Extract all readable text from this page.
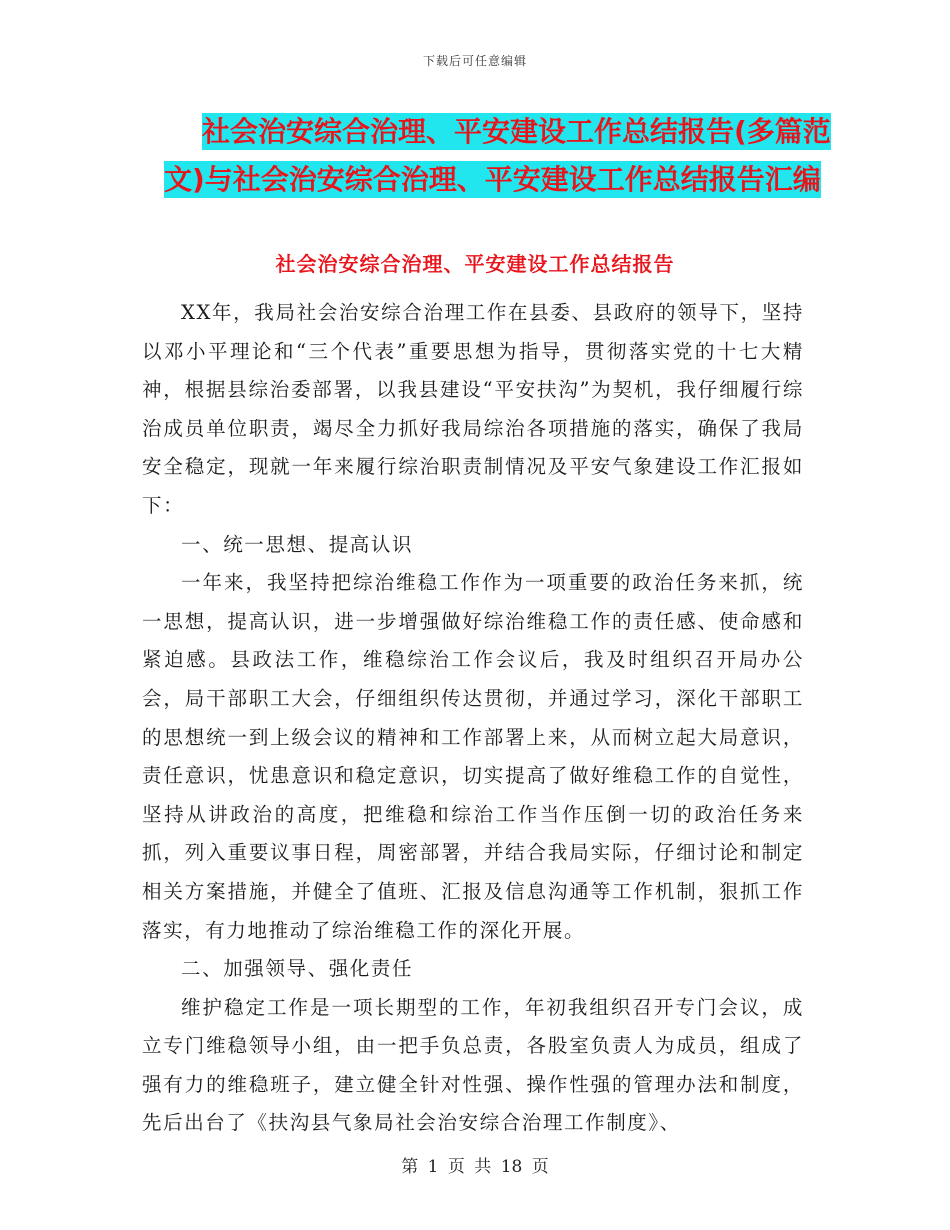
下载后可任意编辑
社会治安综合治理、平安建设工作总结报告(多篇范
文)与社会治安综合治理、平安建设工作总结报告汇编
社会治安综合治理、平安建设工作总结报告

XX年，我局社会治安综合治理工作在县委、县政府的领导下，坚持以邓小平理论和“三个代表”重要思想为指导，贯彻落实党的十七大精神，根据县综治委部署，以我县建设“平安扶沟”为契机，我仔细履行综治成员单位职责，竭尽全力抓好我局综治各项措施的落实，确保了我局安全稳定，现就一年来履行综治职责制情况及平安气象建设工作汇报如下：

一、统一思想、提高认识

一年来，我坚持把综治维稳工作作为一项重要的政治任务来抓，统一思想，提高认识，进一步增强做好综治维稳工作的责任感、使命感和紧迫感。县政法工作，维稳综治工作会议后，我及时组织召开局办公会，局干部职工大会，仔细组织传达贯彻，并通过学习，深化干部职工的思想统一到上级会议的精神和工作部署上来，从而树立起大局意识，责任意识，忧患意识和稳定意识，切实提高了做好维稳工作的自觉性，坚持从讲政治的高度，把维稳和综治工作当作压倒一切的政治任务来抓，列入重要议事日程，周密部署，并结合我局实际，仔细讨论和制定相关方案措施，并健全了值班、汇报及信息沟通等工作机制，狠抓工作落实，有力地推动了综治维稳工作的深化开展。

二、加强领导、强化责任

维护稳定工作是一项长期型的工作，年初我组织召开专门会议，成立专门维稳领导小组，由一把手负总责，各股室负责人为成员，组成了强有力的维稳班子，建立健全针对性强、操作性强的管理办法和制度，先后出台了《扶沟县气象局社会治安综合治理工作制度》、

第 1 页 共 18 页
